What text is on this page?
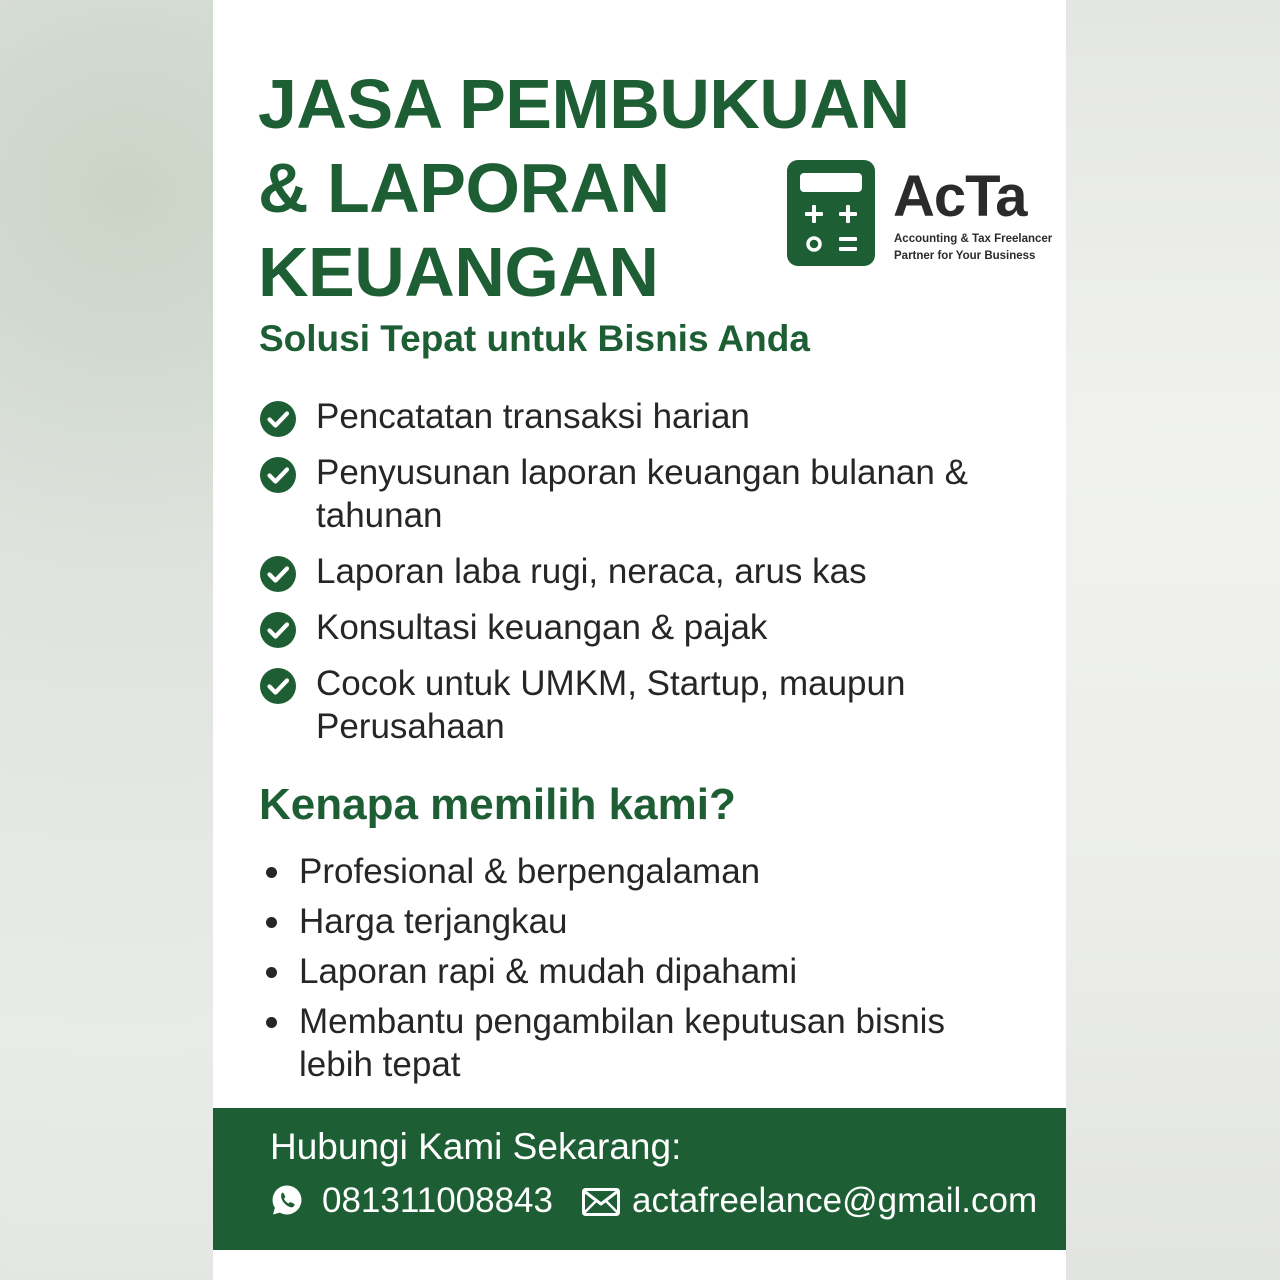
JASA PEMBUKUAN
& LAPORAN
KEUANGAN
AcTa
Accounting & Tax Freelancer
Partner for Your Business
Solusi Tepat untuk Bisnis Anda
Pencatatan transaksi harian
Penyusunan laporan keuangan bulanan & tahunan
Laporan laba rugi, neraca, arus kas
Konsultasi keuangan & pajak
Cocok untuk UMKM, Startup, maupun Perusahaan
Kenapa memilih kami?
Profesional & berpengalaman
Harga terjangkau
Laporan rapi & mudah dipahami
Membantu pengambilan keputusan bisnis lebih tepat
Hubungi Kami Sekarang:
081311008843 actafreelance@gmail.com
